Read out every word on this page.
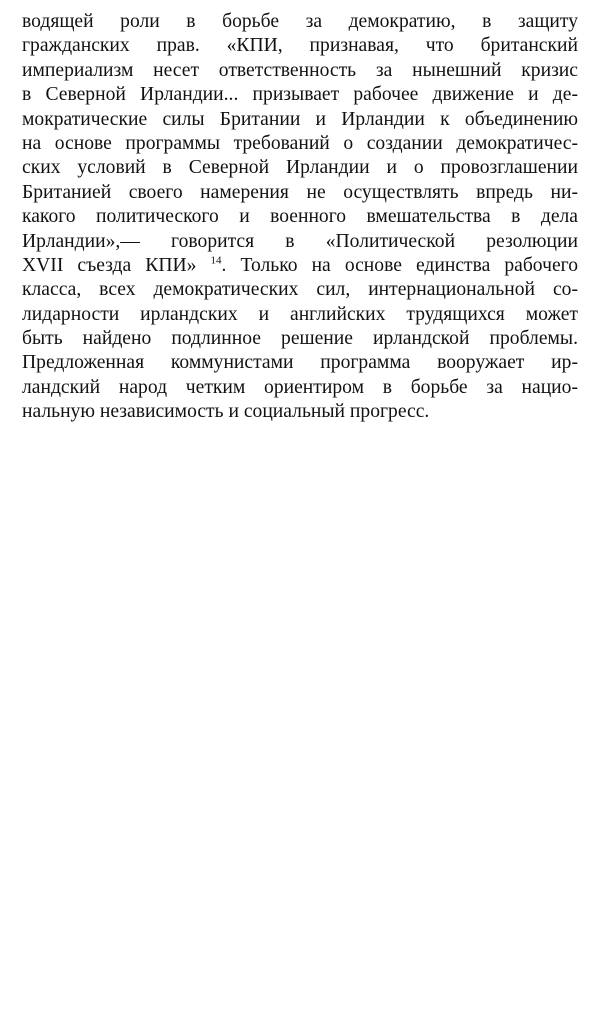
водящей роли в борьбе за демократию, в защиту
гражданских прав. «КПИ, признавая, что британский
империализм несет ответственность за нынешний кризис
в Северной Ирландии... призывает рабочее движение и де-
мократические силы Британии и Ирландии к объединению
на основе программы требований о создании демократичес-
ских условий в Северной Ирландии и о провозглашении
Британией своего намерения не осуществлять впредь ни-
какого политического и военного вмешательства в дела
Ирландии»,— говорится в «Политической резолюции
XVII съезда КПИ» $^{14}$. Только на основе единства рабочего
класса, всех демократических сил, интернациональной со-
лидарности ирландских и английских трудящихся может
быть найдено подлинное решение ирландской проблемы.
Предложенная коммунистами программа вооружает ир-
ландский народ четким ориентиром в борьбе за нацио-
нальную независимость и социальный прогресс.
